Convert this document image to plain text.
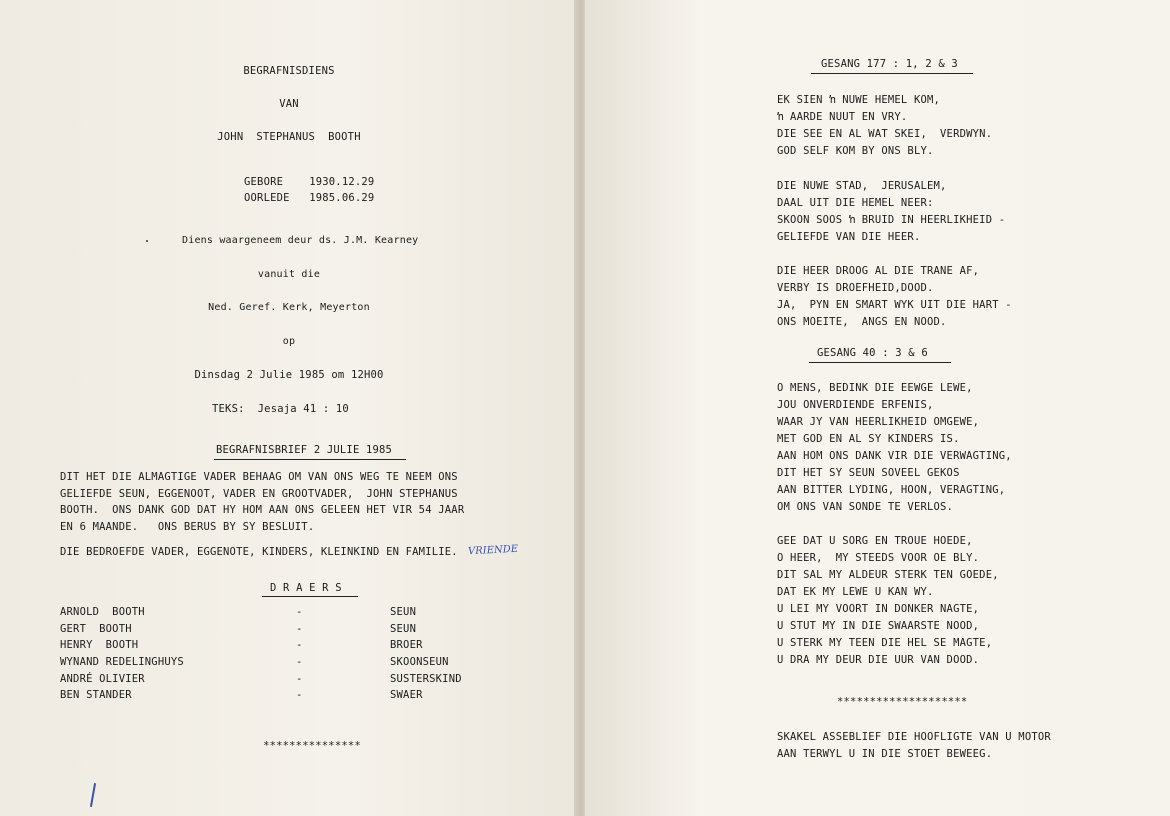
BEGRAFNISDIENS
VAN
JOHN  STEPHANUS  BOOTH
GEBORE    1930.12.29
OORLEDE   1985.06.29
Diens waargeneem deur ds. J.M. Kearney
vanuit die
Ned. Geref. Kerk, Meyerton
op
Dinsdag 2 Julie 1985 om 12H00
TEKS:  Jesaja 41 : 10
BEGRAFNISBRIEF 2 JULIE 1985
DIT HET DIE ALMAGTIGE VADER BEHAAG OM VAN ONS WEG TE NEEM ONS
GELIEFDE SEUN, EGGENOOT, VADER EN GROOTVADER,  JOHN STEPHANUS
BOOTH.  ONS DANK GOD DAT HY HOM AAN ONS GELEEN HET VIR 54 JAAR
EN 6 MAANDE.   ONS BERUS BY SY BESLUIT.
DIE BEDROEFDE VADER, EGGENOTE, KINDERS, KLEINKIND EN FAMILIE. VRIENDE
D R A E R S
ARNOLD  BOOTH	-	SEUN
GERT  BOOTH	-	SEUN
HENRY  BOOTH	-	BROER
WYNAND REDELINGHUYS	-	SKOONSEUN
ANDRÉ OLIVIER	-	SUSTERSKIND
BEN STANDER	-	SWAER
***************
GESANG 177 : 1, 2 & 3
EK SIEN ŉ NUWE HEMEL KOM,
ŉ AARDE NUUT EN VRY.
DIE SEE EN AL WAT SKEI,  VERDWYN.
GOD SELF KOM BY ONS BLY.
DIE NUWE STAD,  JERUSALEM,
DAAL UIT DIE HEMEL NEER:
SKOON SOOS ŉ BRUID IN HEERLIKHEID -
GELIEFDE VAN DIE HEER.
DIE HEER DROOG AL DIE TRANE AF,
VERBY IS DROEFHEID,DOOD.
JA,  PYN EN SMART WYK UIT DIE HART -
ONS MOEITE,  ANGS EN NOOD.
GESANG 40 : 3 & 6
O MENS, BEDINK DIE EEWGE LEWE,
JOU ONVERDIENDE ERFENIS,
WAAR JY VAN HEERLIKHEID OMGEWE,
MET GOD EN AL SY KINDERS IS.
AAN HOM ONS DANK VIR DIE VERWAGTING,
DIT HET SY SEUN SOVEEL GEKOS
AAN BITTER LYDING, HOON, VERAGTING,
OM ONS VAN SONDE TE VERLOS.
GEE DAT U SORG EN TROUE HOEDE,
O HEER,  MY STEEDS VOOR OE BLY.
DIT SAL MY ALDEUR STERK TEN GOEDE,
DAT EK MY LEWE U KAN WY.
U LEI MY VOORT IN DONKER NAGTE,
U STUT MY IN DIE SWAARSTE NOOD,
U STERK MY TEEN DIE HEL SE MAGTE,
U DRA MY DEUR DIE UUR VAN DOOD.
********************
SKAKEL ASSEBLIEF DIE HOOFLIGTE VAN U MOTOR
AAN TERWYL U IN DIE STOET BEWEEG.
